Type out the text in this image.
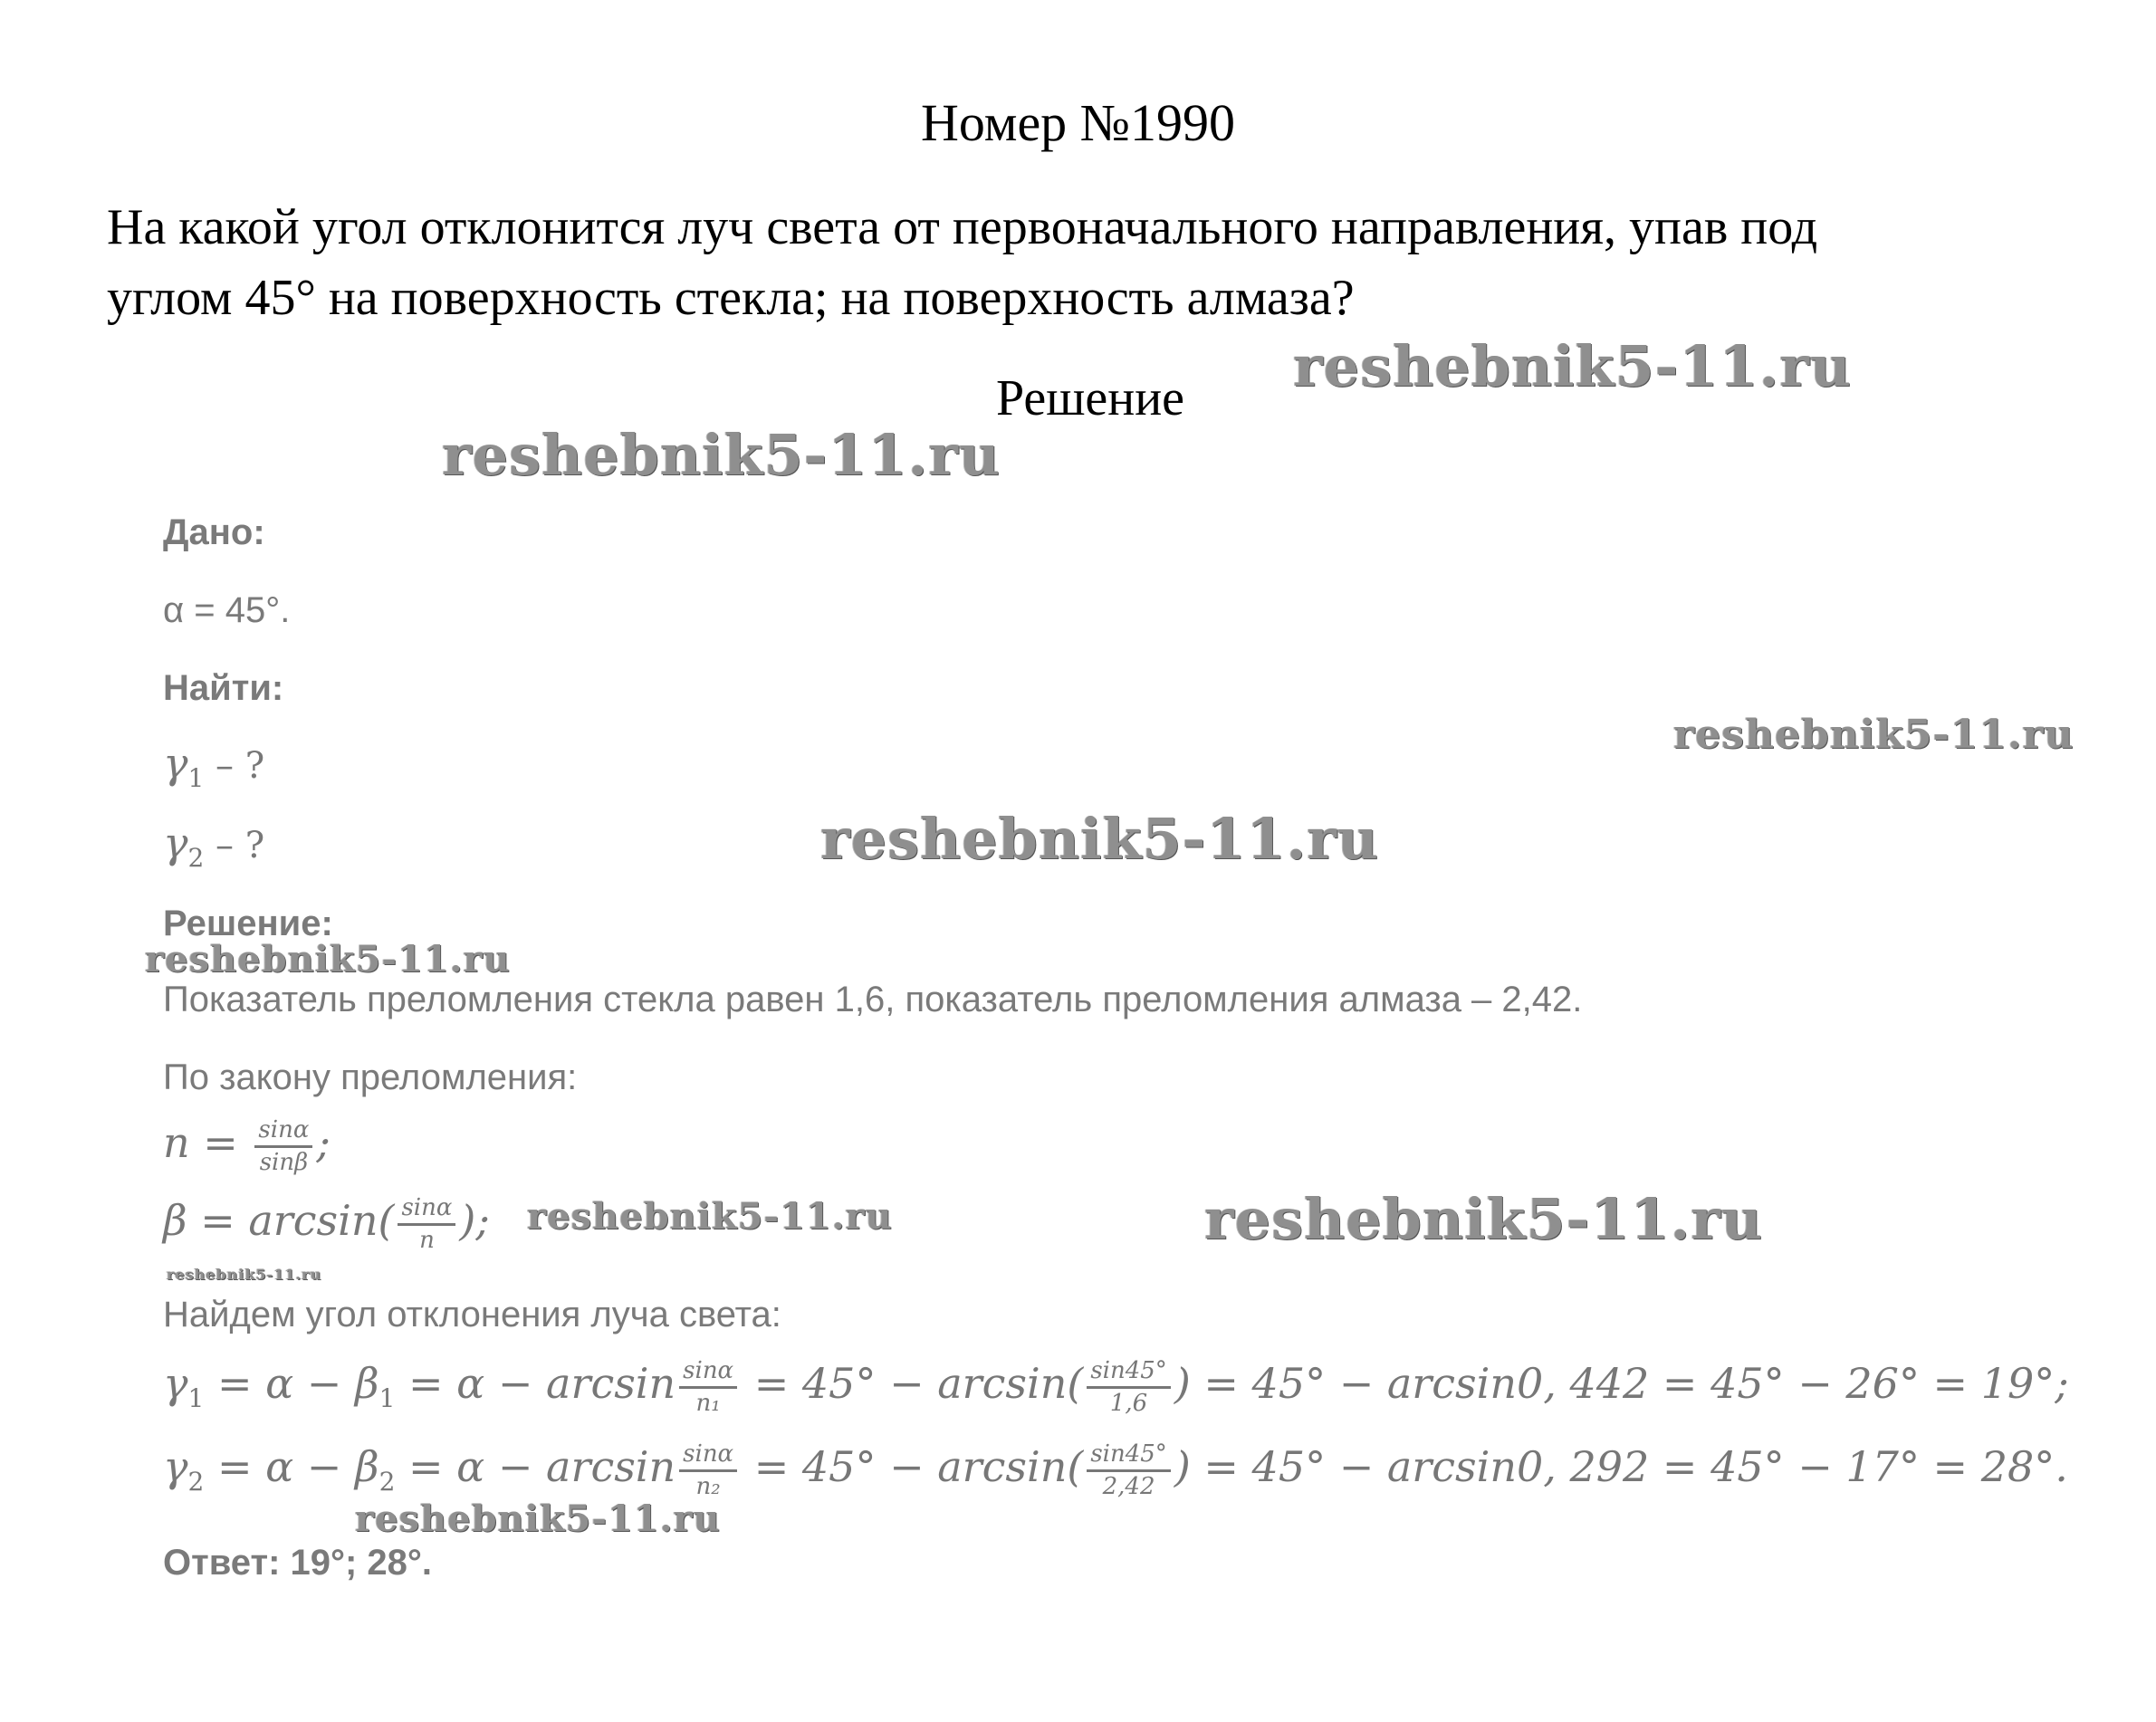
Номер №1990
На какой угол отклонится луч света от первоначального направления, упав под
углом 45° на поверхность стекла; на поверхность алмаза?
Решение
Дано:
α = 45°.
Найти:
$\gamma_1$ – ?
$\gamma_2$ – ?
Решение:
Показатель преломления стекла равен 1,6, показатель преломления алмаза – 2,42.
По закону преломления:
$n = \frac{\sin\alpha}{\sin\beta}$ ;
$\beta = \arcsin( \frac{\sin\alpha}{n}$ );
Найдем угол отклонения луча света:
$\gamma_1 = \alpha - \beta_1 = \alpha - \arcsin \frac{\sin\alpha}{\text{n₁}} = 45^\circ - \arcsin( \frac{\sin 45^\circ}{1,6}$ ) = 45° − arcsin0, 442 = 45° − 26° = 19°;
$\gamma_2 = \alpha - \beta_2 = \alpha - \arcsin \frac{\sin\alpha}{\text{n₂}} = 45^\circ - \arcsin( \frac{\sin 45^\circ}{2,42}$ ) = 45° − arcsin0, 292 = 45° − 17° = 28°.
Ответ: 19°; 28°.
reshebnik5-11.ru
reshebnik5-11.ru
reshebnik5-11.ru
reshebnik5-11.ru
reshebnik5-11.ru
reshebnik5-11.ru	reshebnik5-11.ru
reshebnik5-11.ru
reshebnik5-11.ru
